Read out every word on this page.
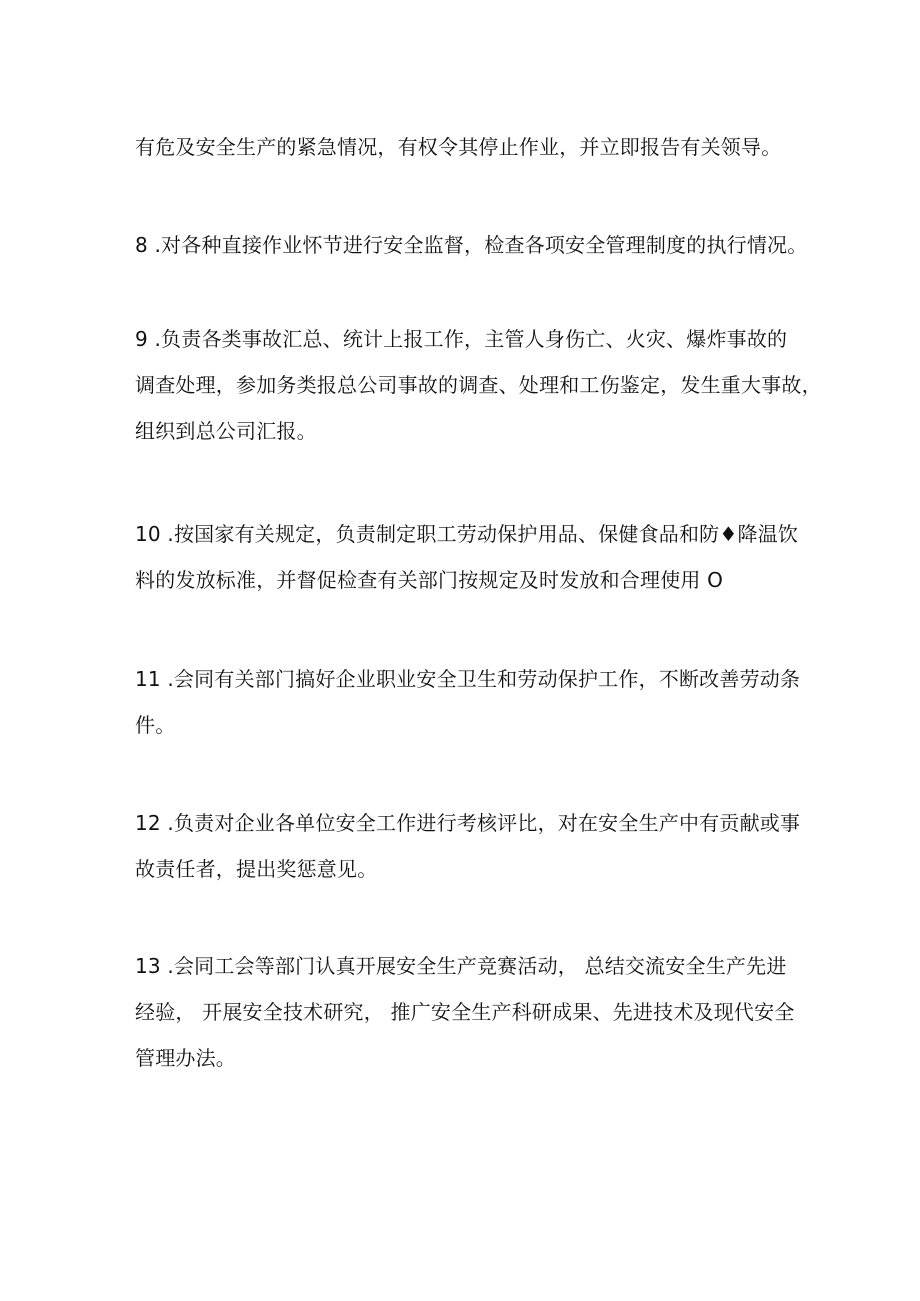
有危及安全生产的紧急情况，有权令其停止作业，并立即报告有关领导。
8 .对各种直接作业怀节进行安全监督，检查各项安全管理制度的执行情况。
9 .负责各类事故汇总、统计上报工作，主管人身伤亡、火灾、爆炸事故的
调查处理，参加务类报总公司事故的调查、处理和工伤鉴定，发生重大事故，
组织到总公司汇报。
10 .按国家有关规定，负责制定职工劳动保护用品、保健食品和防♦降温饮
料的发放标准，并督促检查有关部门按规定及时发放和合理使用 O
11 .会同有关部门搞好企业职业安全卫生和劳动保护工作，不断改善劳动条
件。
12 .负责对企业各单位安全工作进行考核评比，对在安全生产中有贡献或事
故责任者，提出奖惩意见。
13 .会同工会等部门认真开展安全生产竞赛活动， 总结交流安全生产先进
经验， 开展安全技术研究， 推广安全生产科研成果、先进技术及现代安全
管理办法。
